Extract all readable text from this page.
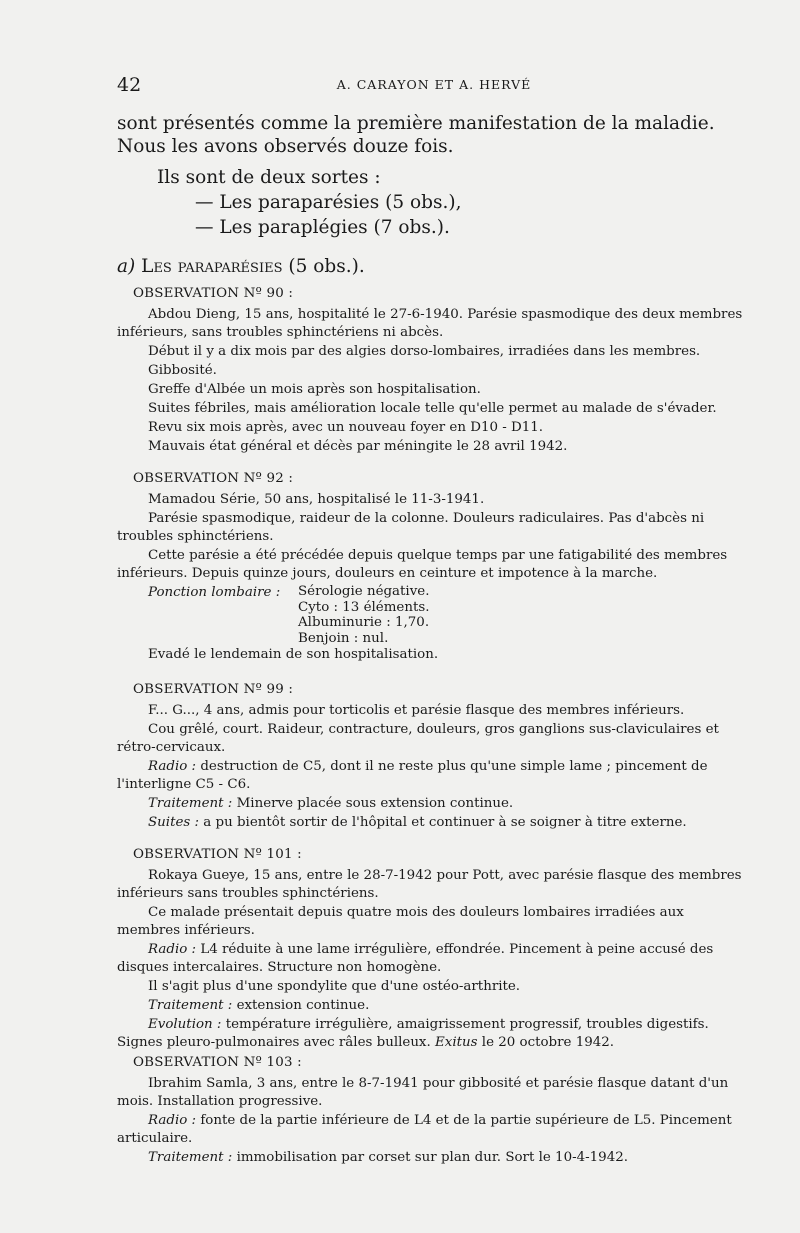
42	A. CARAYON ET A. HERVÉ
sont présentés comme la première manifestation de la maladie. Nous les avons observés douze fois.
Ils sont de deux sortes :
— Les paraparésies (5 obs.),
— Les paraplégies (7 obs.).
a) Les paraparésies (5 obs.).
OBSERVATION Nº 90 :

Abdou Dieng, 15 ans, hospitalité le 27-6-1940. Parésie spasmodique des deux membres inférieurs, sans troubles sphinctériens ni abcès.

Début il y a dix mois par des algies dorso-lombaires, irradiées dans les membres.

Gibbosité.

Greffe d'Albée un mois après son hospitalisation.

Suites fébriles, mais amélioration locale telle qu'elle permet au malade de s'évader.

Revu six mois après, avec un nouveau foyer en D10 - D11.

Mauvais état général et décès par méningite le 28 avril 1942.

OBSERVATION Nº 92 :

Mamadou Série, 50 ans, hospitalisé le 11-3-1941.

Parésie spasmodique, raideur de la colonne. Douleurs radiculaires. Pas d'abcès ni troubles sphinctériens.

Cette parésie a été précédée depuis quelque temps par une fatigabilité des membres inférieurs. Depuis quinze jours, douleurs en ceinture et impotence à la marche.

Ponction lombaire :	Sérologie négative.
Cyto : 13 éléments.
Albuminurie : 1,70.
Benjoin : nul.

Evadé le lendemain de son hospitalisation.

OBSERVATION Nº 99 :

F... G..., 4 ans, admis pour torticolis et parésie flasque des membres inférieurs.

Cou grêlé, court. Raideur, contracture, douleurs, gros ganglions sus-claviculaires et rétro-cervicaux.

Radio : destruction de C5, dont il ne reste plus qu'une simple lame ; pincement de l'interligne C5 - C6.

Traitement : Minerve placée sous extension continue.

Suites : a pu bientôt sortir de l'hôpital et continuer à se soigner à titre externe.

OBSERVATION Nº 101 :

Rokaya Gueye, 15 ans, entre le 28-7-1942 pour Pott, avec parésie flasque des membres inférieurs sans troubles sphinctériens.

Ce malade présentait depuis quatre mois des douleurs lombaires irradiées aux membres inférieurs.

Radio : L4 réduite à une lame irrégulière, effondrée. Pincement à peine accusé des disques intercalaires. Structure non homogène.

Il s'agit plus d'une spondylite que d'une ostéo-arthrite.

Traitement : extension continue.

Evolution : température irrégulière, amaigrissement progressif, troubles digestifs. Signes pleuro-pulmonaires avec râles bulleux. Exitus le 20 octobre 1942.

OBSERVATION Nº 103 :

Ibrahim Samla, 3 ans, entre le 8-7-1941 pour gibbosité et parésie flasque datant d'un mois. Installation progressive.

Radio : fonte de la partie inférieure de L4 et de la partie supérieure de L5. Pincement articulaire.

Traitement : immobilisation par corset sur plan dur. Sort le 10-4-1942.
